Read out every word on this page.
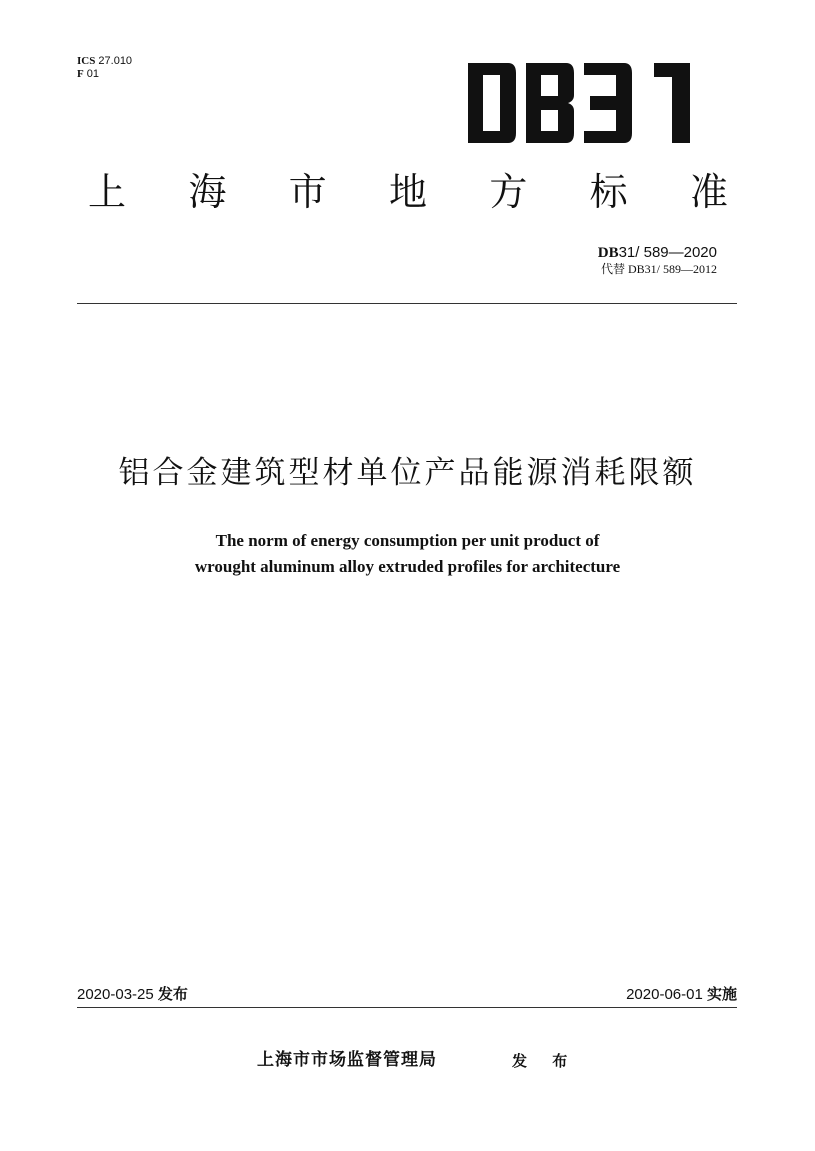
ICS 27.010
F 01
上 海 市 地 方 标 准
DB31/ 589—2020
代替 DB31/ 589—2012
铝合金建筑型材单位产品能源消耗限额
The norm of energy consumption per unit product of
wrought aluminum alloy extruded profiles for architecture
2020-03-25 发布	2020-06-01 实施
上海市市场监督管理局	发 布
